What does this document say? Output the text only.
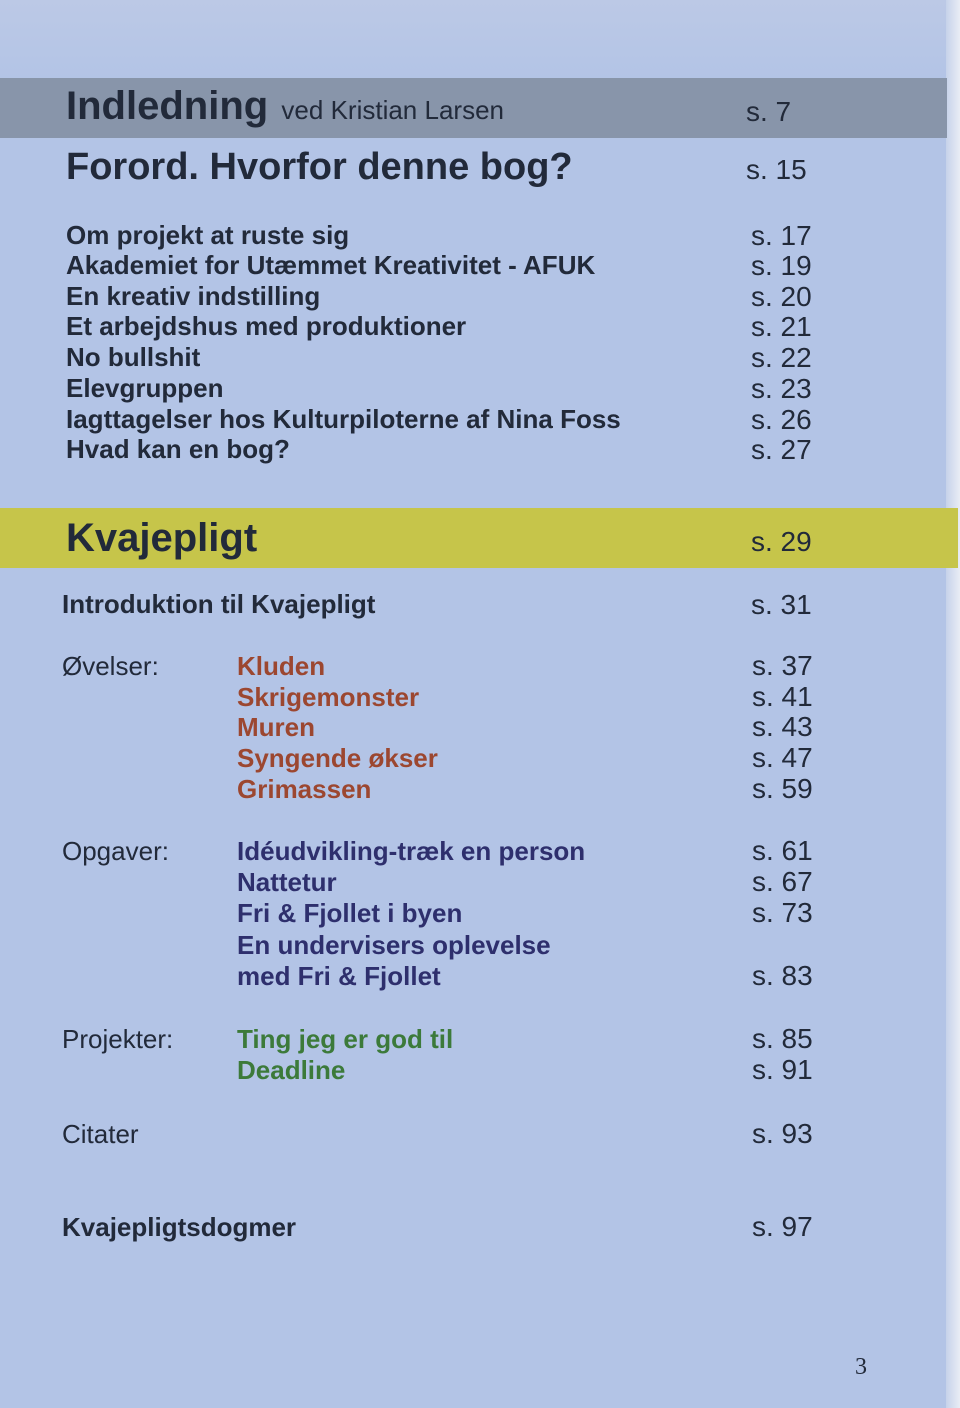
Indledning ved Kristian Larsen	s. 7
Forord. Hvorfor denne bog?	s. 15
Om projekt at ruste sig	s. 17
Akademiet for Utæmmet Kreativitet - AFUK	s. 19
En kreativ indstilling	s. 20
Et arbejdshus med produktioner	s. 21
No bullshit	s. 22
Elevgruppen	s. 23
Iagttagelser hos Kulturpiloterne af Nina Foss	s. 26
Hvad kan en bog?	s. 27
Kvajepligt	s. 29
Introduktion til Kvajepligt	s. 31
Øvelser:	Kluden	s. 37
Skrigemonster	s. 41
Muren	s. 43
Syngende økser	s. 47
Grimassen	s. 59
Opgaver:	Idéudvikling-træk en person	s. 61
Nattetur	s. 67
Fri & Fjollet i byen	s. 73
En undervisers oplevelse
med Fri & Fjollet	s. 83
Projekter: Ting jeg er god til	s. 85
Deadline	s. 91
Citater	s. 93
Kvajepligtsdogmer	s. 97
3
